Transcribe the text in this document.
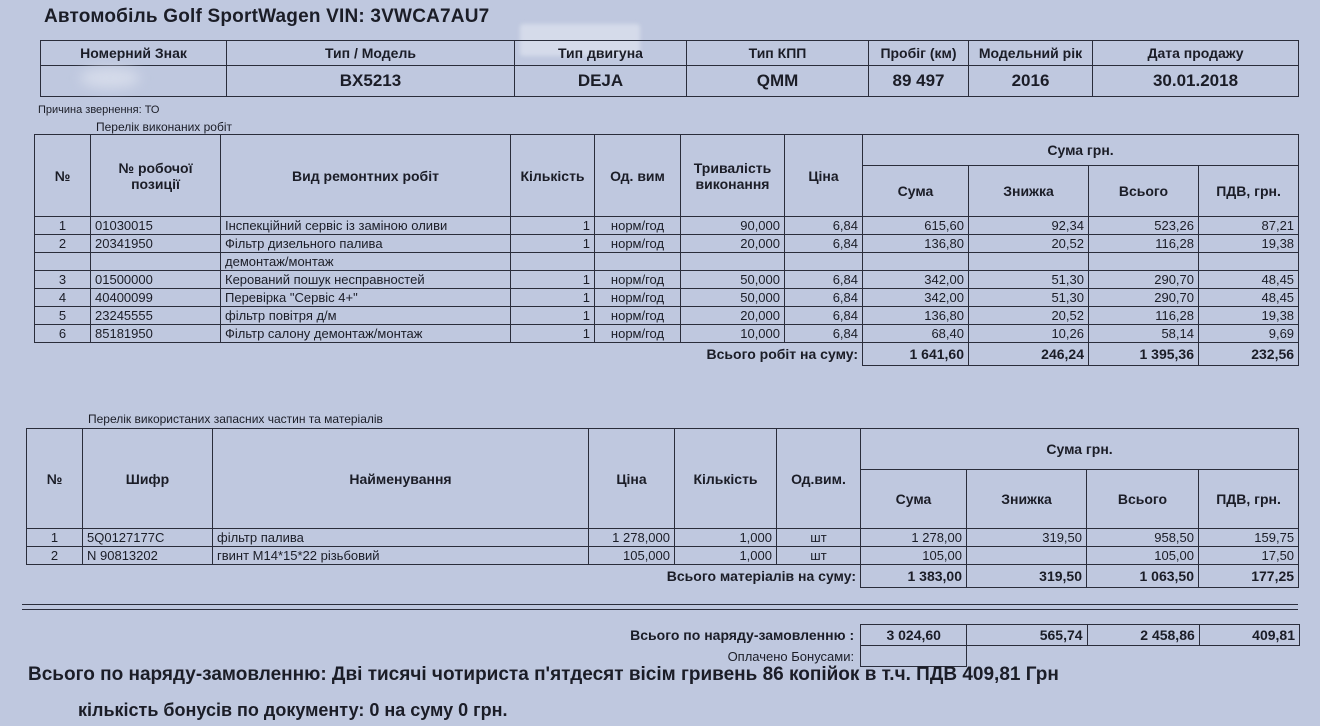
Автомобіль Golf SportWagen VIN: 3VWCA7AU7
Номерний Знак	Тип / Модель	Тип двигуна	Тип КПП	Пробіг (км)	Модельний рік	Дата продажу
	BX5213	DEJA	QMM	89 497	2016	30.01.2018
Причина звернення: ТО
Перелік виконаних робіт
№	№ робочої позиції	Вид ремонтних робіт	Кількість	Од. вим	Тривалість виконання	Ціна	Сума грн.			
							Сума	Знижка	Всього	ПДВ, грн.
1	01030015	Інспекційний сервіс із заміною оливи	1	норм/год	90,000	6,84	615,60	92,34	523,26	87,21
2	20341950	Фільтр дизельного палива	1	норм/год	20,000	6,84	136,80	20,52	116,28	19,38
		демонтаж/монтаж								
3	01500000	Керований пошук несправностей	1	норм/год	50,000	6,84	342,00	51,30	290,70	48,45
4	40400099	Перевірка "Сервіс 4+"	1	норм/год	50,000	6,84	342,00	51,30	290,70	48,45
5	23245555	фільтр повітря д/м	1	норм/год	20,000	6,84	136,80	20,52	116,28	19,38
6	85181950	Фільтр салону демонтаж/монтаж	1	норм/год	10,000	6,84	68,40	10,26	58,14	9,69
Всього робіт на суму:							1 641,60	246,24	1 395,36	232,56
Перелік використаних запасних частин та матеріалів
№	Шифр	Найменування	Ціна	Кількість	Од.вим.	Сума грн.			
						Сума	Знижка	Всього	ПДВ, грн.
1	5Q0127177C	фільтр палива	1 278,000	1,000	шт	1 278,00	319,50	958,50	159,75
2	N 90813202	гвинт М14*15*22 різьбовий	105,000	1,000	шт	105,00		105,00	17,50
Всього матеріалів на суму:						1 383,00	319,50	1 063,50	177,25
Всього по наряду-замовленню :	3 024,60	565,74	2 458,86	409,81
Оплачено Бонусами:				
Всього по наряду-замовленню: Дві тисячі чотириста п'ятдесят вісім гривень 86 копійок в т.ч. ПДВ 409,81 Грн
кількість бонусів по документу: 0 на суму 0 грн.
